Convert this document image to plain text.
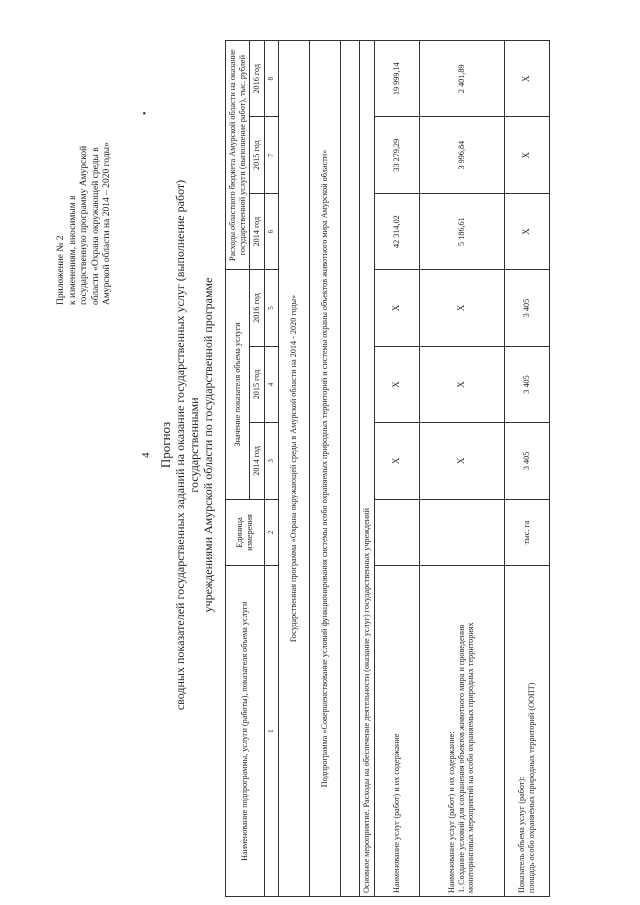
4
•
Приложение № 2 к изменениям, вносимым в государственную программу Амурской области «Охрана окружающей среды в Амурской области на 2014 – 2020 годы»
Прогноз сводных показателей государственных заданий на оказание государственных услуг (выполнение работ) государственными учреждениями Амурской области по государственной программе
Наименование подпрограммы, услуги (работы), показателя объема услуги	Единица измерения	Значение показателя объема услуги			Расходы областного бюджета Амурской области на оказание государственной услуги (выполнение работ), тыс. рублей		
		2014 год	2015 год	2016 год	2014 год	2015 год	2016 год
1	2	3	4	5	6	7	8
Государственная программа «Охрана окружающей среды в Амурской области на 2014 - 2020 годы»							
Подпрограмма «Совершенствование условий функционирования системы особо охраняемых природных территорий и системы охраны объектов животного мира Амурской области»							

Основное мероприятие. Расходы на обеспечение деятельности (оказание услуг) государственных учреждений							
Наименование услуг (работ) и их содержание		Х	Х	Х	42 314,02	33 279,29	19 999,14
Наименование услуг (работ) и их содержание:
1. Создание условий для сохранения объектов животного мира и проведения мониторинговых мероприятий на особо охраняемых природных территориях		Х	Х	Х	5 186,61	3 996,84	2 401,89
Показатель объема услуг (работ):
площадь особо охраняемых природных территорий (ООПТ)	тыс. га	3 405	3 405	3 405	Х	Х	Х
